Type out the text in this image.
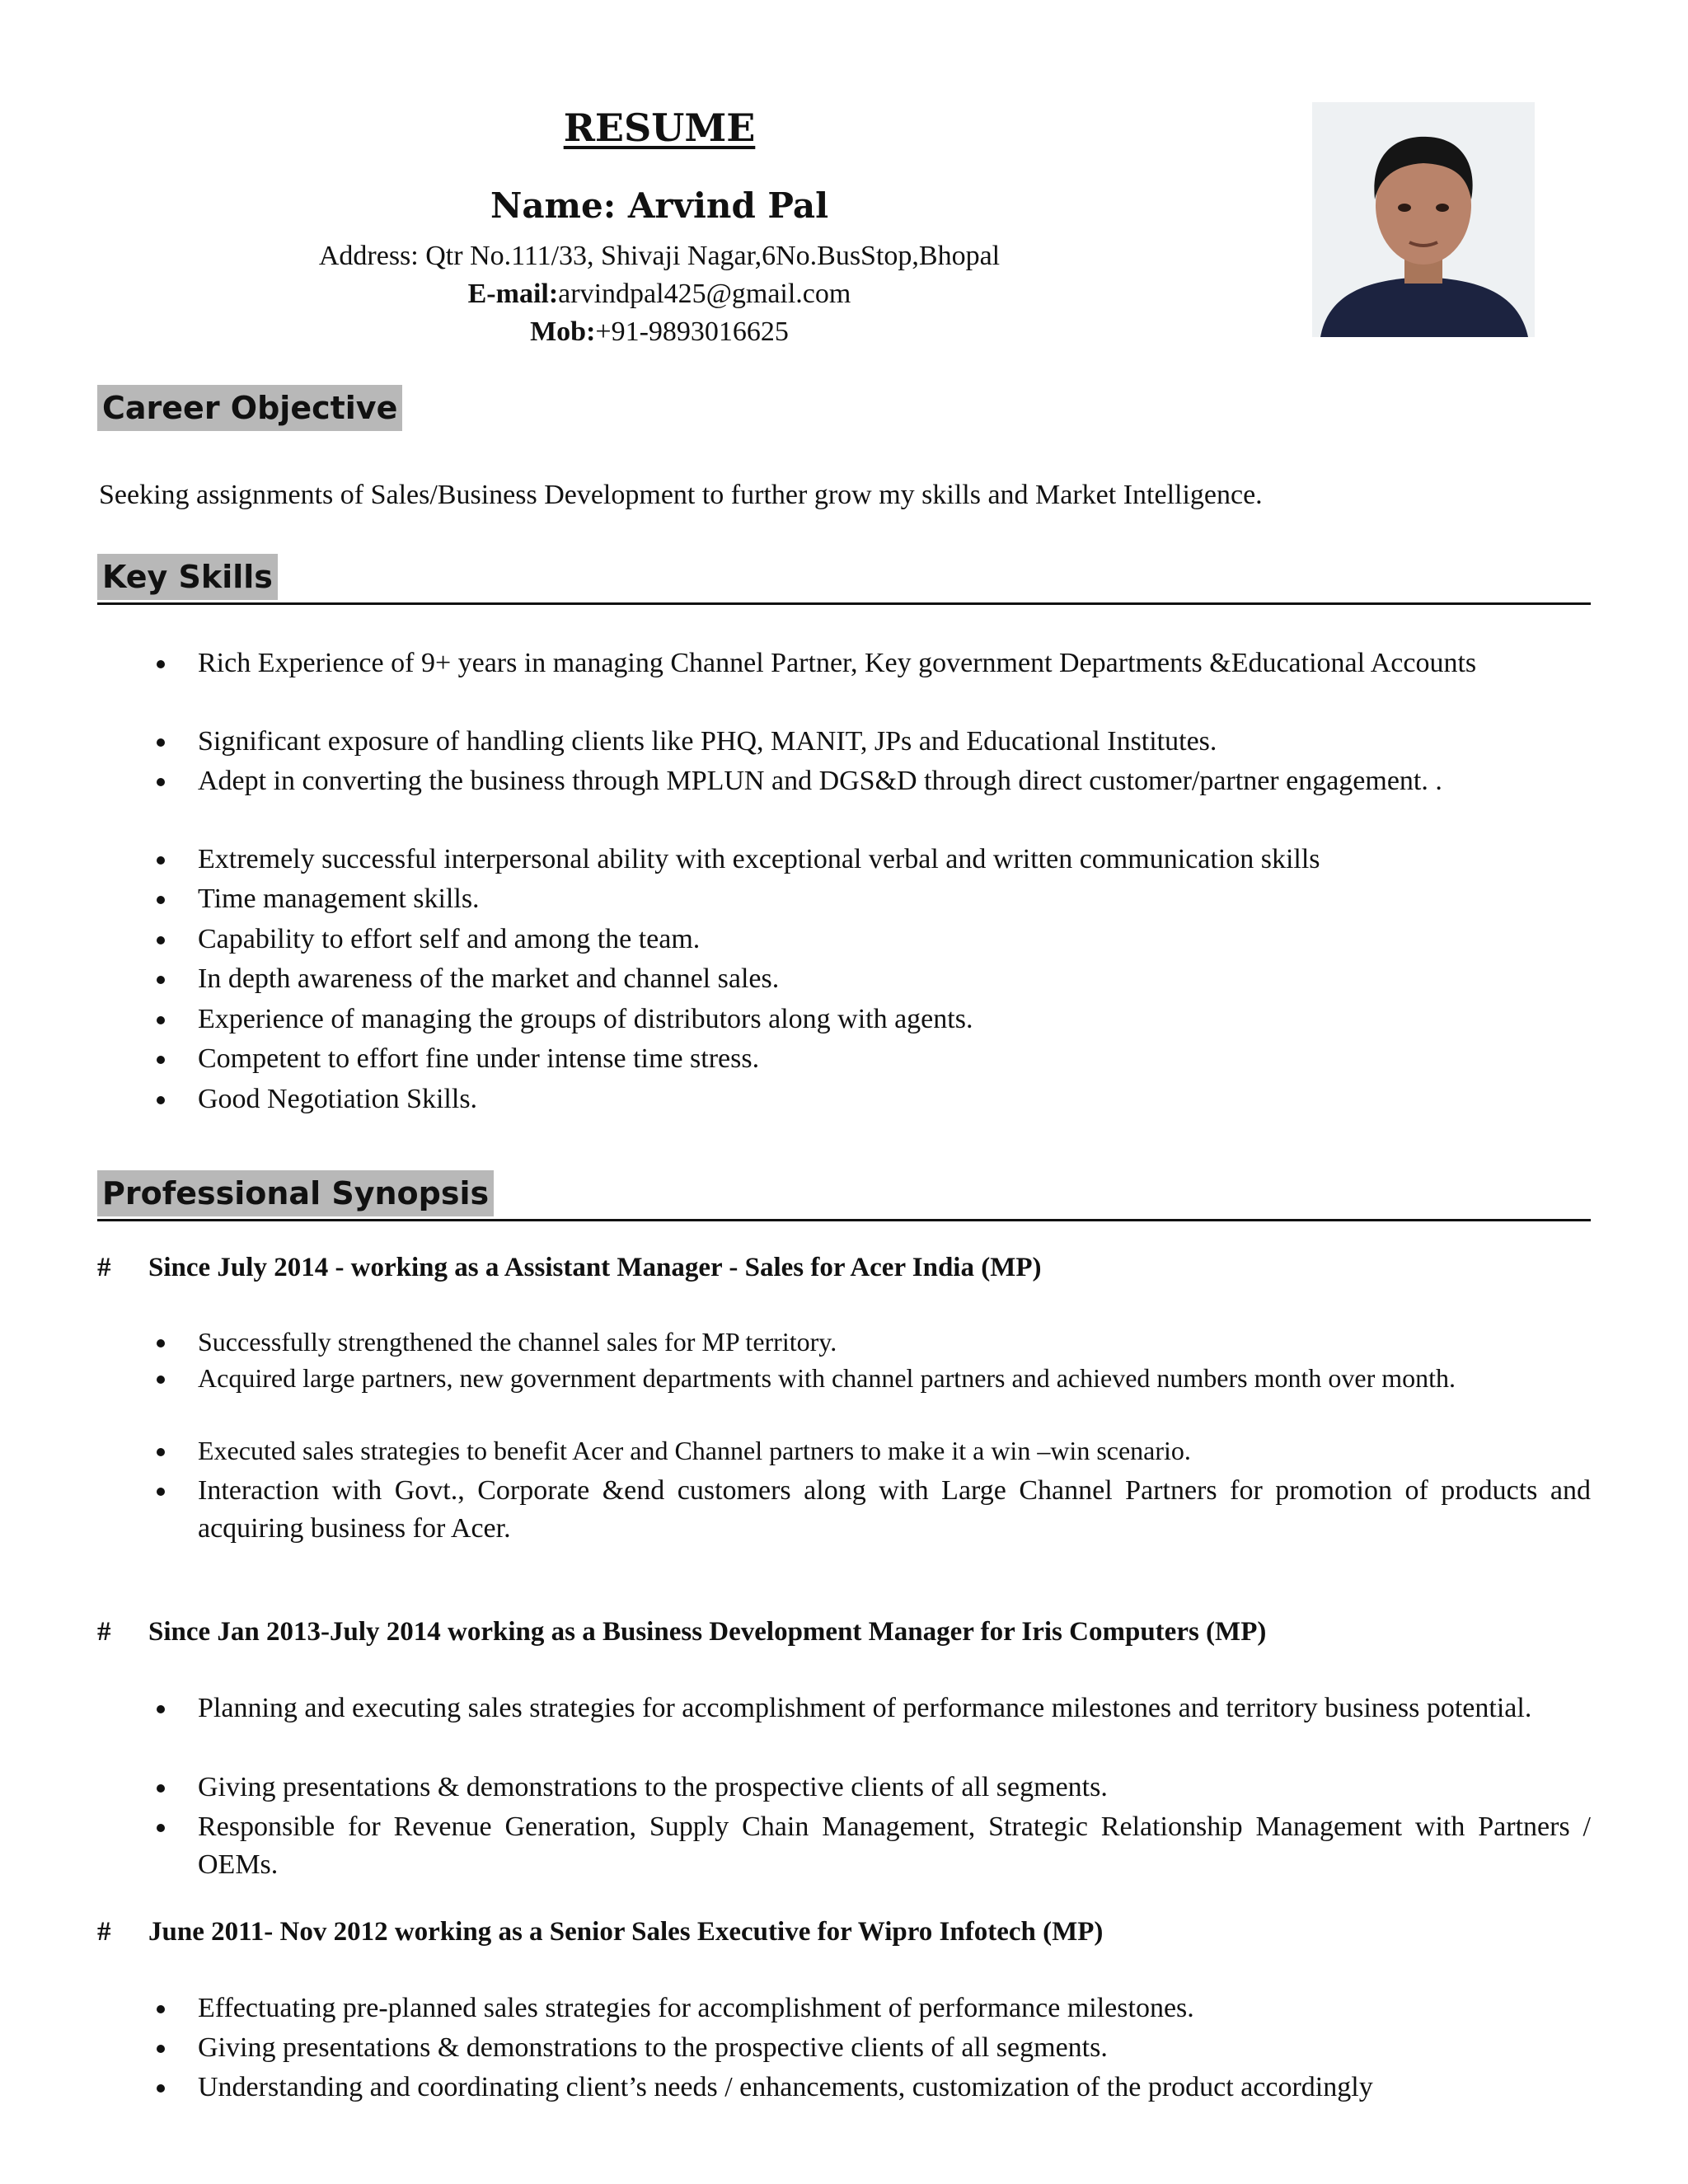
RESUME
Name: Arvind Pal
Address: Qtr No.111/33, Shivaji Nagar,6No.BusStop,Bhopal
E-mail:arvindpal425@gmail.com
Mob:+91-9893016625
Career Objective
Seeking assignments of Sales/Business Development to further grow my skills and Market Intelligence.
Key Skills
Rich Experience of 9+ years in managing Channel Partner, Key government Departments &Educational Accounts
Significant exposure of handling clients like PHQ, MANIT, JPs and Educational Institutes.
Adept in converting the business through MPLUN and DGS&D through direct customer/partner engagement. .
Extremely successful interpersonal ability with exceptional verbal and written communication skills
Time management skills.
Capability to effort self and among the team.
In depth awareness of the market and channel sales.
Experience of managing the groups of distributors along with agents.
Competent to effort fine under intense time stress.
Good Negotiation Skills.
Professional Synopsis
# Since July 2014 - working as a Assistant Manager - Sales for Acer India (MP)
Successfully strengthened the channel sales for MP territory.
Acquired large partners, new government departments with channel partners and achieved numbers month over month.
Executed sales strategies to benefit Acer and Channel partners to make it a win –win scenario.
Interaction with Govt., Corporate &end customers along with Large Channel Partners for promotion of products and acquiring business for Acer.
# Since Jan 2013-July 2014 working as a Business Development Manager for Iris Computers (MP)
Planning and executing sales strategies for accomplishment of performance milestones and territory business potential.
Giving presentations & demonstrations to the prospective clients of all segments.
Responsible for Revenue Generation, Supply Chain Management, Strategic Relationship Management with Partners / OEMs.
# June 2011- Nov 2012 working as a Senior Sales Executive for Wipro Infotech (MP)
Effectuating pre-planned sales strategies for accomplishment of performance milestones.
Giving presentations & demonstrations to the prospective clients of all segments.
Understanding and coordinating client’s needs / enhancements, customization of the product accordingly
